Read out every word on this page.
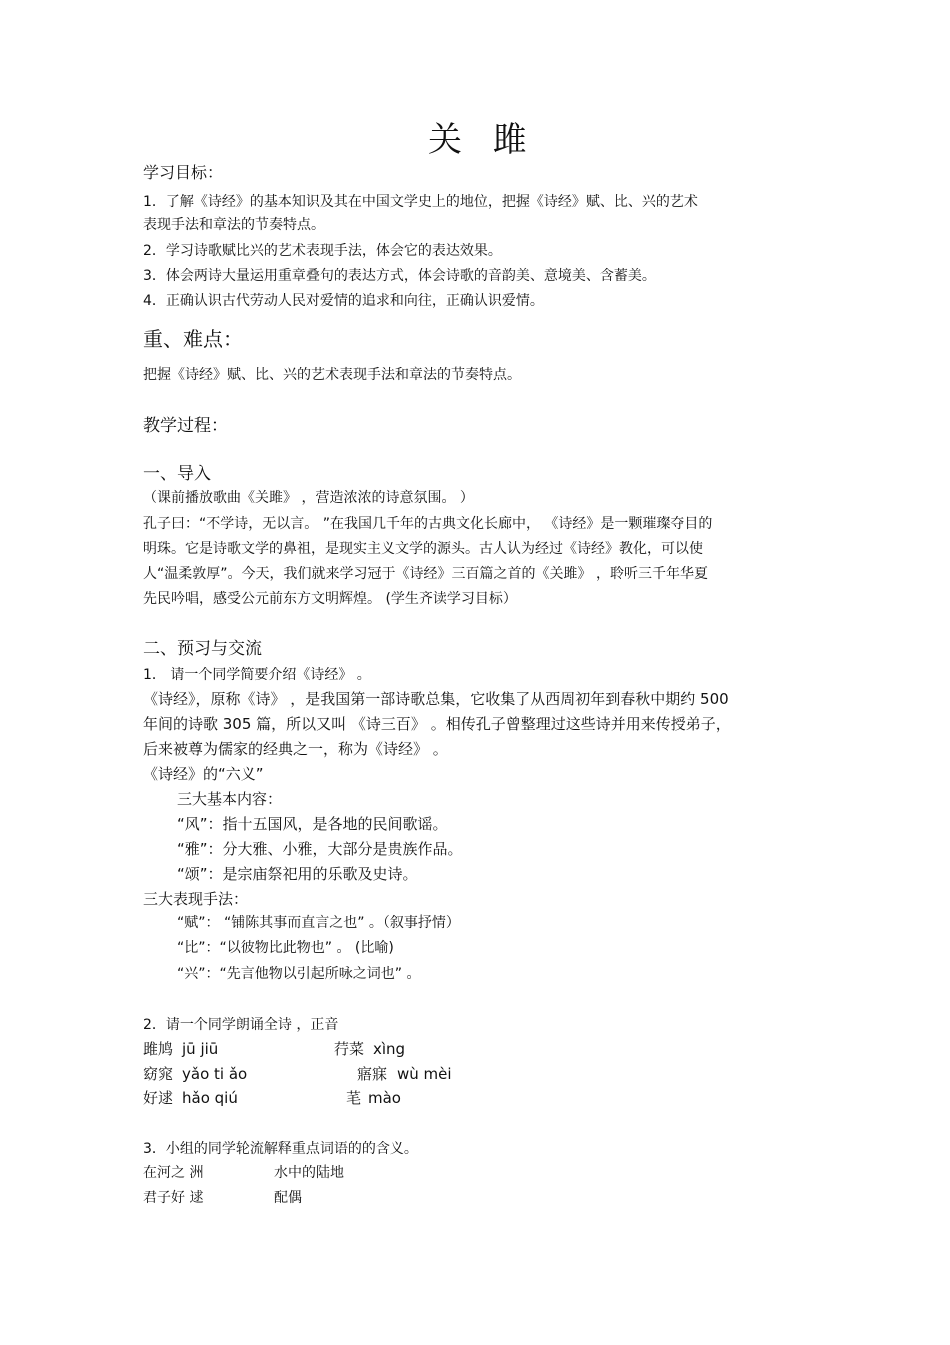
关 雎
学习目标：
1．了解《诗经》的基本知识及其在中国文学史上的地位，把握《诗经》赋、比、兴的艺术
表现手法和章法的节奏特点。
2．学习诗歌赋比兴的艺术表现手法，体会它的表达效果。
3．体会两诗大量运用重章叠句的表达方式，体会诗歌的音韵美、意境美、含蓄美。
4．正确认识古代劳动人民对爱情的追求和向往，正确认识爱情。
重、难点：
把握《诗经》赋、比、兴的艺术表现手法和章法的节奏特点。
教学过程：
一、导入
（课前播放歌曲《关雎》 ，营造浓浓的诗意氛围。 ）
孔子曰：“不学诗，无以言。 ”在我国几千年的古典文化长廊中， 《诗经》是一颗璀璨夺目的
明珠。它是诗歌文学的鼻祖，是现实主义文学的源头。古人认为经过《诗经》教化，可以使
人“温柔敦厚”。今天，我们就来学习冠于《诗经》三百篇之首的《关雎》 ，聆听三千年华夏
先民吟唱，感受公元前东方文明辉煌。 (学生齐读学习目标）
二、预习与交流
1． 请一个同学简要介绍《诗经》 。
《诗经》，原称《诗》 ，是我国第一部诗歌总集，它收集了从西周初年到春秋中期约 500
年间的诗歌 305 篇，所以又叫 《诗三百》 。相传孔子曾整理过这些诗并用来传授弟子，
后来被尊为儒家的经典之一，称为《诗经》 。
《诗经》的“六义”
三大基本内容：
“风”：指十五国风，是各地的民间歌谣。
“雅”：分大雅、小雅，大部分是贵族作品。
“颂”：是宗庙祭祀用的乐歌及史诗。
三大表现手法：
“赋”： “铺陈其事而直言之也” 。（叙事抒情）
“比”：“以彼物比此物也” 。 (比喻)
“兴”：“先言他物以引起所咏之词也” 。
2．请一个同学朗诵全诗 ，正音
雎鸠 jū jiū	荇菜 xìng
窈窕 yǎo ti ǎo	寤寐 wù mèi
好逑 hǎo qiú	芼 mào
3．小组的同学轮流解释重点词语的的含义。
在河之 洲	水中的陆地
君子好 逑	配偶
